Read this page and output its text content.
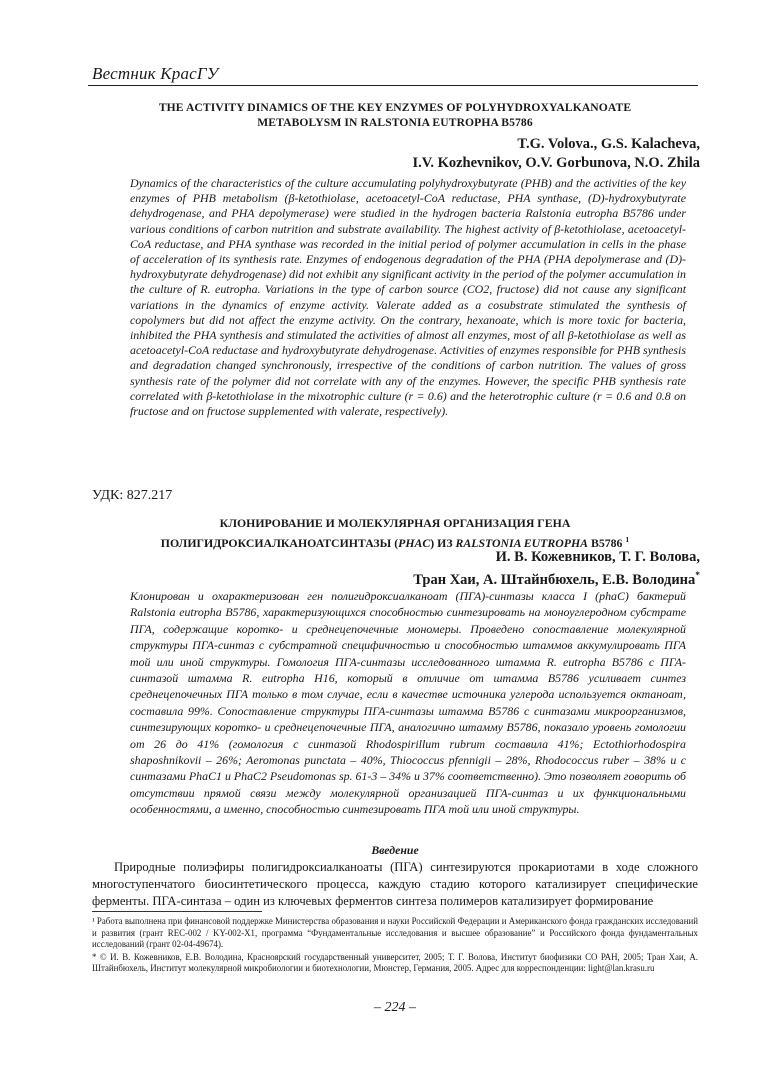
Вестник КрасГУ
THE ACTIVITY DINAMICS OF THE KEY ENZYMES OF POLYHYDROXYALKANOATE
METABOLYSM IN RALSTONIA EUTROPHA B5786
T.G. Volova., G.S. Kalacheva,
I.V. Kozhevnikov, O.V. Gorbunova, N.O. Zhila
Dynamics of the characteristics of the culture accumulating polyhydroxybutyrate (PHB) and the activities of the key enzymes of PHB metabolism (β-ketothiolase, acetoacetyl-CoA reductase, PHA synthase, (D)-hydroxybutyrate dehydrogenase, and PHA depolymerase) were studied in the hydrogen bacteria Ralstonia eutropha B5786 under various conditions of carbon nutrition and substrate availability. The highest activity of β-ketothiolase, acetoacetyl-CoA reductase, and PHA synthase was recorded in the initial period of polymer accumulation in cells in the phase of acceleration of its synthesis rate. Enzymes of endogenous degradation of the PHA (PHA depolymerase and (D)-hydroxybutyrate dehydrogenase) did not exhibit any significant activity in the period of the polymer accumulation in the culture of R. eutropha. Variations in the type of carbon source (CO2, fructose) did not cause any significant variations in the dynamics of enzyme activity. Valerate added as a cosubstrate stimulated the synthesis of copolymers but did not affect the enzyme activity. On the contrary, hexanoate, which is more toxic for bacteria, inhibited the PHA synthesis and stimulated the activities of almost all enzymes, most of all β-ketothiolase as well as acetoacetyl-CoA reductase and hydroxybutyrate dehydrogenase. Activities of enzymes responsible for PHB synthesis and degradation changed synchronously, irrespective of the conditions of carbon nutrition. The values of gross synthesis rate of the polymer did not correlate with any of the enzymes. However, the specific PHB synthesis rate correlated with β-ketothiolase in the mixotrophic culture (r = 0.6) and the heterotrophic culture (r = 0.6 and 0.8 on fructose and on fructose supplemented with valerate, respectively).
УДК: 827.217
КЛОНИРОВАНИЕ И МОЛЕКУЛЯРНАЯ ОРГАНИЗАЦИЯ ГЕНА
ПОЛИГИДРОКСИАЛКАНОАТСИНТАЗЫ (PHAC) ИЗ RALSTONIA EUTROPHA B5786 $^1$
И. В. Кожевников, Т. Г. Волова,
Тран Хаи, А. Штайнбюхель, Е.В. Володина*
Клонирован и охарактеризован ген полигидроксиалканоат (ПГА)-синтазы класса I (phaC) бактерий Ralstonia eutropha B5786, характеризующихся способностью синтезировать на моноуглеродном субстрате ПГА, содержащие коротко- и среднецепочечные мономеры. Проведено сопоставление молекулярной структуры ПГА-синтаз с субстратной специфичностью и способностью штаммов аккумулировать ПГА той или иной структуры. Гомология ПГА-синтазы исследованного штамма R. eutropha B5786 с ПГА-синтазой штамма R. eutropha H16, который в отличие от штамма B5786 усиливает синтез среднецепочечных ПГА только в том случае, если в качестве источника углерода используется октаноат, составила 99%. Сопоставление структуры ПГА-синтазы штамма B5786 с синтазами микроорганизмов, синтезирующих коротко- и среднецепочечные ПГА, аналогично штамму B5786, показало уровень гомологии от 26 до 41% (гомология с синтазой Rhodospirillum rubrum составила 41%; Ectothiorhodospira shaposhnikovii – 26%; Aeromonas punctata – 40%, Thiococcus pfennigii – 28%, Rhodococcus ruber – 38% и с синтазами PhaC1 и PhaC2 Pseudomonas sp. 61-3 – 34% и 37% соответственно). Это позволяет говорить об отсутствии прямой связи между молекулярной организацией ПГА-синтаз и их функциональными особенностями, а именно, способностью синтезировать ПГА той или иной структуры.
Введение
Природные полиэфиры полигидроксиалканоаты (ПГА) синтезируются прокариотами в ходе сложного многоступенчатого биосинтетического процесса, каждую стадию которого катализирует специфические ферменты. ПГА-синтаза – один из ключевых ферментов синтеза полимеров катализирует формирование

¹ Работа выполнена при финансовой поддержке Министерства образования и науки Российской Федерации и Американского фонда гражданских исследований и развития (грант REC-002 / KY-002-X1, программа “Фундаментальные исследования и высшее образование” и Российского фонда фундаментальных исследований (грант 02-04-49674).

* © И. В. Кожевников, Е.В. Володина, Красноярский государственный университет, 2005; Т. Г. Волова, Институт биофизики СО РАН, 2005; Тран Хаи, А. Штайнбюхель, Институт молекулярной микробиологии и биотехнологии, Мюнстер, Германия, 2005. Адрес для корреспонденции: light@lan.krasu.ru

– 224 –
